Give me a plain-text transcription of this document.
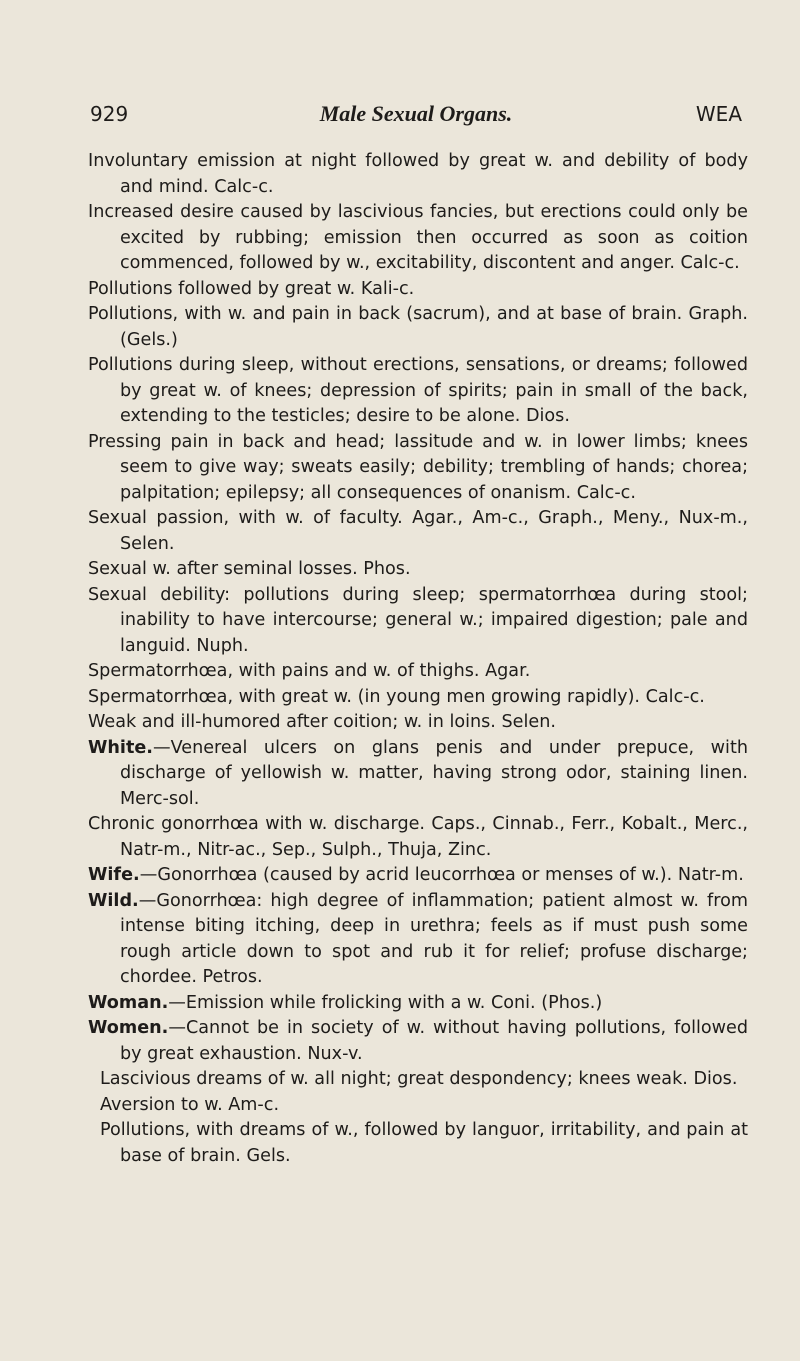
929	Male Sexual Organs.	WEA

Involuntary emission at night followed by great w. and debility of body and mind. Calc-c.

Increased desire caused by lascivious fancies, but erections could only be excited by rubbing; emission then occurred as soon as coition commenced, followed by w., excitability, discontent and anger. Calc-c.

Pollutions followed by great w. Kali-c.

Pollutions, with w. and pain in back (sacrum), and at base of brain. Graph. (Gels.)

Pollutions during sleep, without erections, sensations, or dreams; followed by great w. of knees; depression of spirits; pain in small of the back, extending to the testicles; desire to be alone. Dios.

Pressing pain in back and head; lassitude and w. in lower limbs; knees seem to give way; sweats easily; debility; trembling of hands; chorea; palpitation; epilepsy; all consequences of onanism. Calc-c.

Sexual passion, with w. of faculty. Agar., Am-c., Graph., Meny., Nux-m., Selen.

Sexual w. after seminal losses. Phos.

Sexual debility: pollutions during sleep; spermatorrhœa during stool; inability to have intercourse; general w.; impaired digestion; pale and languid. Nuph.

Spermatorrhœa, with pains and w. of thighs. Agar.

Spermatorrhœa, with great w. (in young men growing rapidly). Calc-c.

Weak and ill-humored after coition; w. in loins. Selen.

White.—Venereal ulcers on glans penis and under prepuce, with discharge of yellowish w. matter, having strong odor, staining linen. Merc-sol.

Chronic gonorrhœa with w. discharge. Caps., Cinnab., Ferr., Kobalt., Merc., Natr-m., Nitr-ac., Sep., Sulph., Thuja, Zinc.

Wife.—Gonorrhœa (caused by acrid leucorrhœa or menses of w.). Natr-m.

Wild.—Gonorrhœa: high degree of inflammation; patient almost w. from intense biting itching, deep in urethra; feels as if must push some rough article down to spot and rub it for relief; profuse discharge; chordee. Petros.

Woman.—Emission while frolicking with a w. Coni. (Phos.)

Women.—Cannot be in society of w. without having pollutions, followed by great exhaustion. Nux-v.

Lascivious dreams of w. all night; great despondency; knees weak. Dios.

Aversion to w. Am-c.

Pollutions, with dreams of w., followed by languor, irritability, and pain at base of brain. Gels.
